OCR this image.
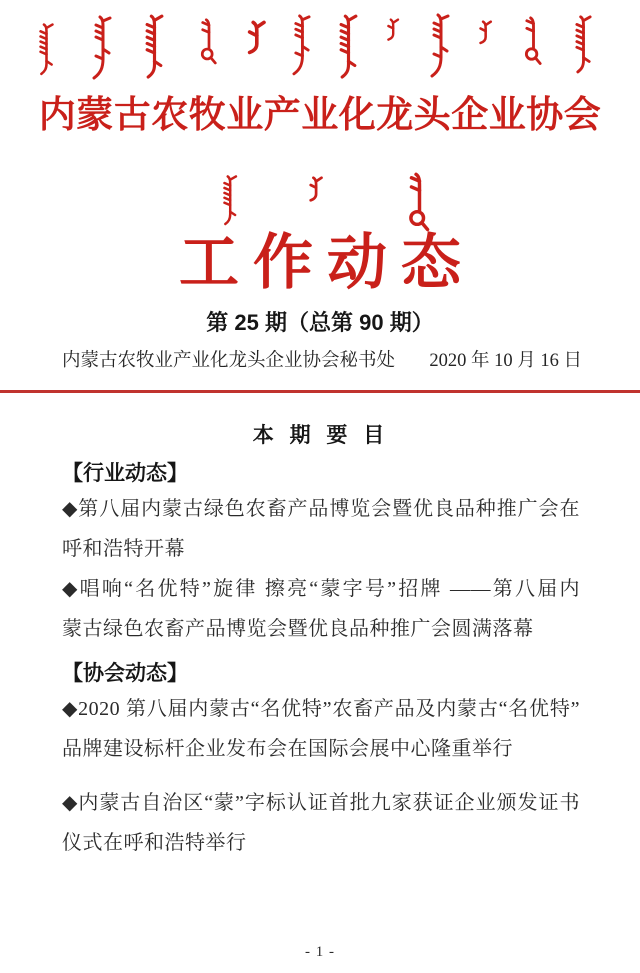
内蒙古农牧业产业化龙头企业协会
工作动态
第 25 期（总第 90 期）
内蒙古农牧业产业化龙头企业协会秘书处 2020 年 10 月 16 日
本 期 要 目
【行业动态】
◆第八届内蒙古绿色农畜产品博览会暨优良品种推广会在
呼和浩特开幕
◆唱响“名优特”旋律 擦亮“蒙字号”招牌 ——第八届内
蒙古绿色农畜产品博览会暨优良品种推广会圆满落幕
【协会动态】
◆2020 第八届内蒙古“名优特”农畜产品及内蒙古“名优特”
品牌建设标杆企业发布会在国际会展中心隆重举行
◆内蒙古自治区“蒙”字标认证首批九家获证企业颁发证书
仪式在呼和浩特举行
- 1 -
